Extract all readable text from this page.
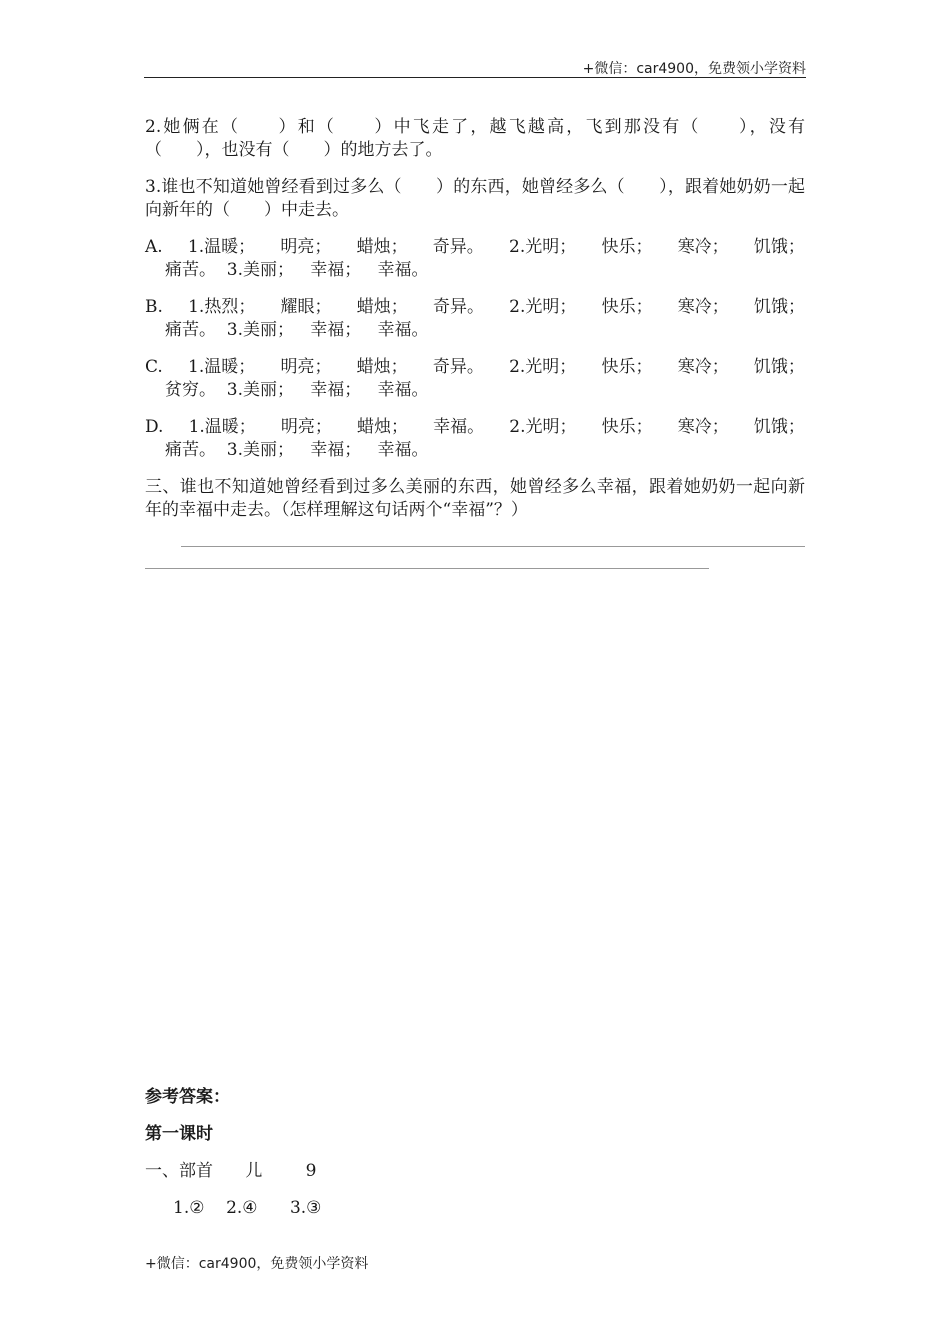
+微信：car4900，免费领小学资料

2.她俩在（　　）和（　　）中飞走了，越飞越高，飞到那没有（　　），没有（　　），也没有（　　）的地方去了。

3.谁也不知道她曾经看到过多么（　　）的东西，她曾经多么（　　），跟着她奶奶一起向新年的（　　）中走去。

A. 1.温暖； 明亮； 蜡烛； 奇异。 2.光明； 快乐； 寒冷； 饥饿；
痛苦。  3.美丽；   幸福；   幸福。
B. 1.热烈； 耀眼； 蜡烛； 奇异。 2.光明； 快乐； 寒冷； 饥饿；
痛苦。  3.美丽；   幸福；   幸福。
C. 1.温暖； 明亮； 蜡烛； 奇异。 2.光明； 快乐； 寒冷； 饥饿；
贫穷。  3.美丽；   幸福；   幸福。
D. 1.温暖； 明亮； 蜡烛； 幸福。 2.光明； 快乐； 寒冷； 饥饿；
痛苦。  3.美丽；   幸福；   幸福。

三、谁也不知道她曾经看到过多么美丽的东西，她曾经多么幸福，跟着她奶奶一起向新年的幸福中走去。（怎样理解这句话两个“幸福”？）

参考答案：
第一课时
一、部首      儿        9
1.②    2.④      3.③
+微信：car4900，免费领小学资料
